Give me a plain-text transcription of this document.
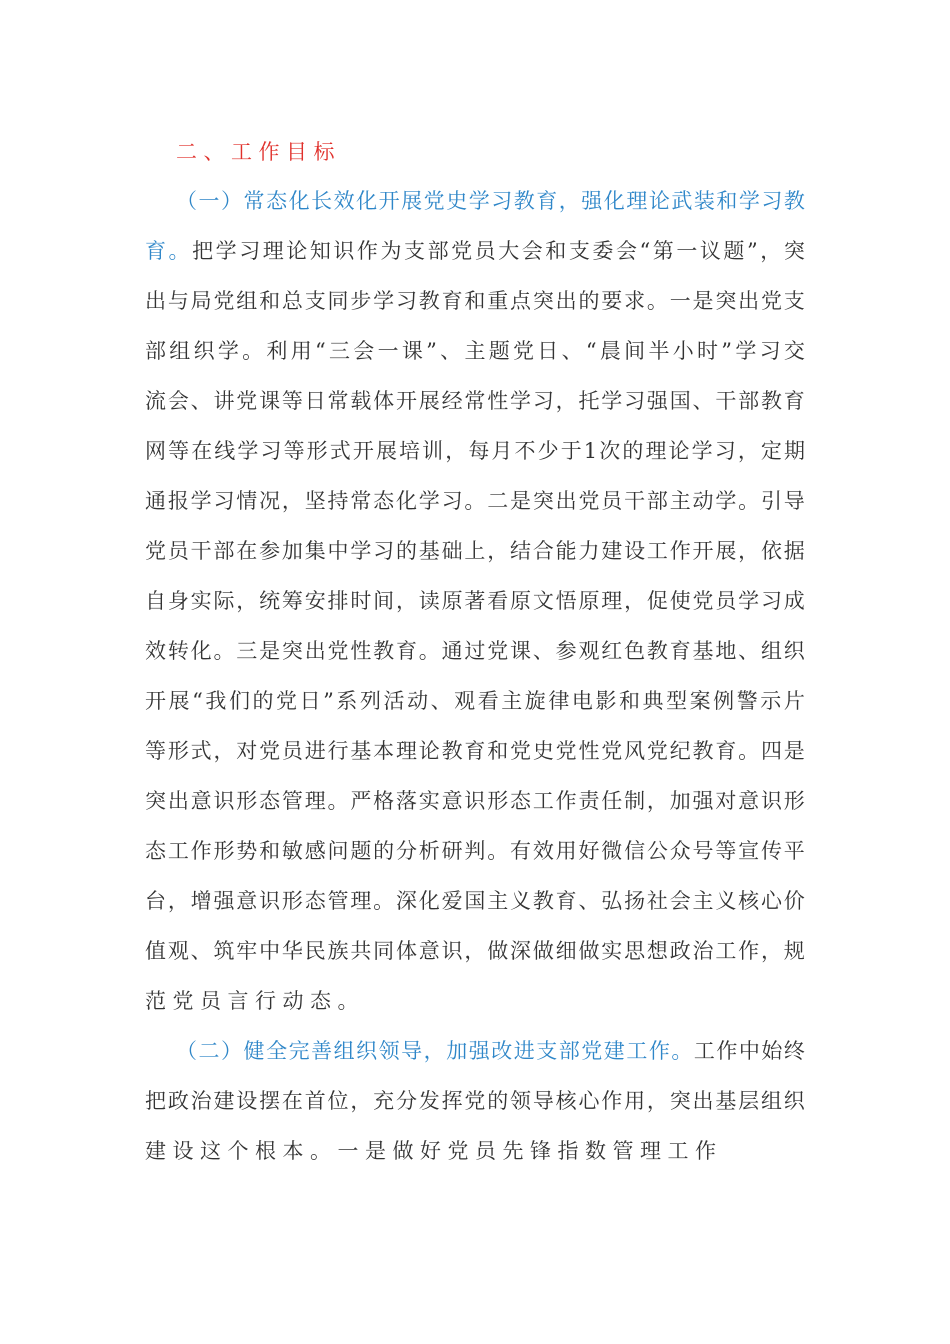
二 、 工 作 目 标
（ 一 ） 常 态 化 长 效 化 开 展 党 史 学 习 教 育 ， 强 化 理 论 武 装 和 学 习 教
育 。 把 学 习 理 论 知 识 作 为 支 部 党 员 大 会 和 支 委 会 “ 第 一 议 题 ” ， 突
出 与 局 党 组 和 总 支 同 步 学 习 教 育 和 重 点 突 出 的 要 求 。 一 是 突 出 党 支
部 组 织 学 。 利 用 “ 三 会 一 课 ” 、 主 题 党 日 、 “ 晨 间 半 小 时 ” 学 习 交
流 会 、 讲 党 课 等 日 常 载 体 开 展 经 常 性 学 习 ， 托 学 习 强 国 、 干 部 教 育
网 等 在 线 学 习 等 形 式 开 展 培 训 ， 每 月 不 少 于 1 次 的 理 论 学 习 ， 定 期
通 报 学 习 情 况 ， 坚 持 常 态 化 学 习 。 二 是 突 出 党 员 干 部 主 动 学 。 引 导
党 员 干 部 在 参 加 集 中 学 习 的 基 础 上 ， 结 合 能 力 建 设 工 作 开 展 ， 依 据
自 身 实 际 ， 统 筹 安 排 时 间 ， 读 原 著 看 原 文 悟 原 理 ， 促 使 党 员 学 习 成
效 转 化 。 三 是 突 出 党 性 教 育 。 通 过 党 课 、 参 观 红 色 教 育 基 地 、 组 织
开 展 “ 我 们 的 党 日 ” 系 列 活 动 、 观 看 主 旋 律 电 影 和 典 型 案 例 警 示 片
等 形 式 ， 对 党 员 进 行 基 本 理 论 教 育 和 党 史 党 性 党 风 党 纪 教 育 。 四 是
突 出 意 识 形 态 管 理 。 严 格 落 实 意 识 形 态 工 作 责 任 制 ， 加 强 对 意 识 形
态 工 作 形 势 和 敏 感 问 题 的 分 析 研 判 。 有 效 用 好 微 信 公 众 号 等 宣 传 平
台 ， 增 强 意 识 形 态 管 理 。 深 化 爱 国 主 义 教 育 、 弘 扬 社 会 主 义 核 心 价
值 观 、 筑 牢 中 华 民 族 共 同 体 意 识 ， 做 深 做 细 做 实 思 想 政 治 工 作 ， 规
范 党 员 言 行 动 态 。
（ 二 ） 健 全 完 善 组 织 领 导 ， 加 强 改 进 支 部 党 建 工 作 。 工 作 中 始 终
把 政 治 建 设 摆 在 首 位 ， 充 分 发 挥 党 的 领 导 核 心 作 用 ， 突 出 基 层 组 织
建 设 这 个 根 本 。 一 是 做 好 党 员 先 锋 指 数 管 理 工 作
